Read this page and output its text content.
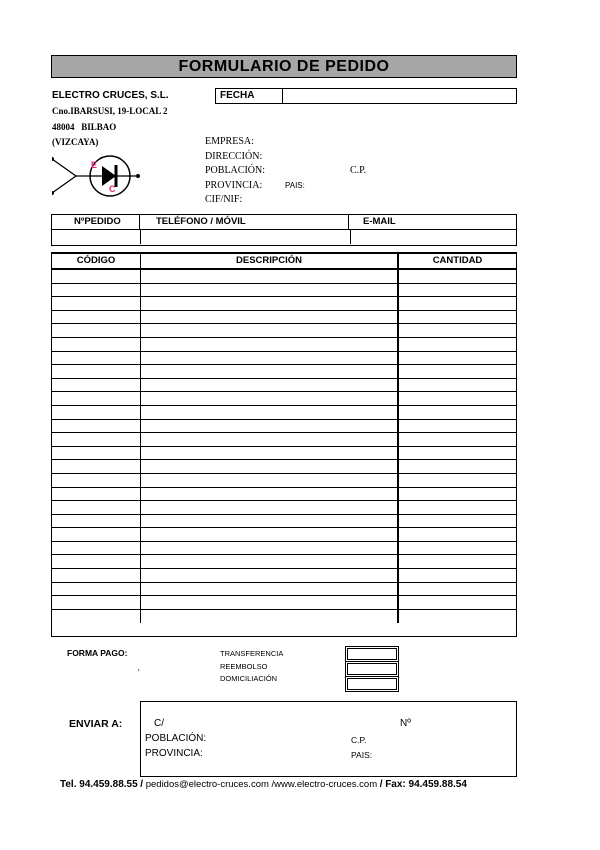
FORMULARIO DE PEDIDO
ELECTRO CRUCES, S.L.
Cno.IBARSUSI, 19-LOCAL 2
48004 BILBAO
(VIZCAYA)
E
C
FECHA
EMPRESA:
DIRECCIÓN:
POBLACIÓN:	C.P.
PROVINCIA:	PAIS:
CIF/NIF:
NºPEDIDO	TELÉFONO / MÓVIL	E-MAIL
CÓDIGO	DESCRIPCIÓN	CANTIDAD
FORMA PAGO:
'
TRANSFERENCIA
REEMBOLSO
DOMICILIACIÓN
ENVIAR A:	C/	Nº
POBLACIÓN:	C.P.
PROVINCIA:	PAIS:
Tel. 94.459.88.55 / pedidos@electro-cruces.com /www.electro-cruces.com / Fax: 94.459.88.54
